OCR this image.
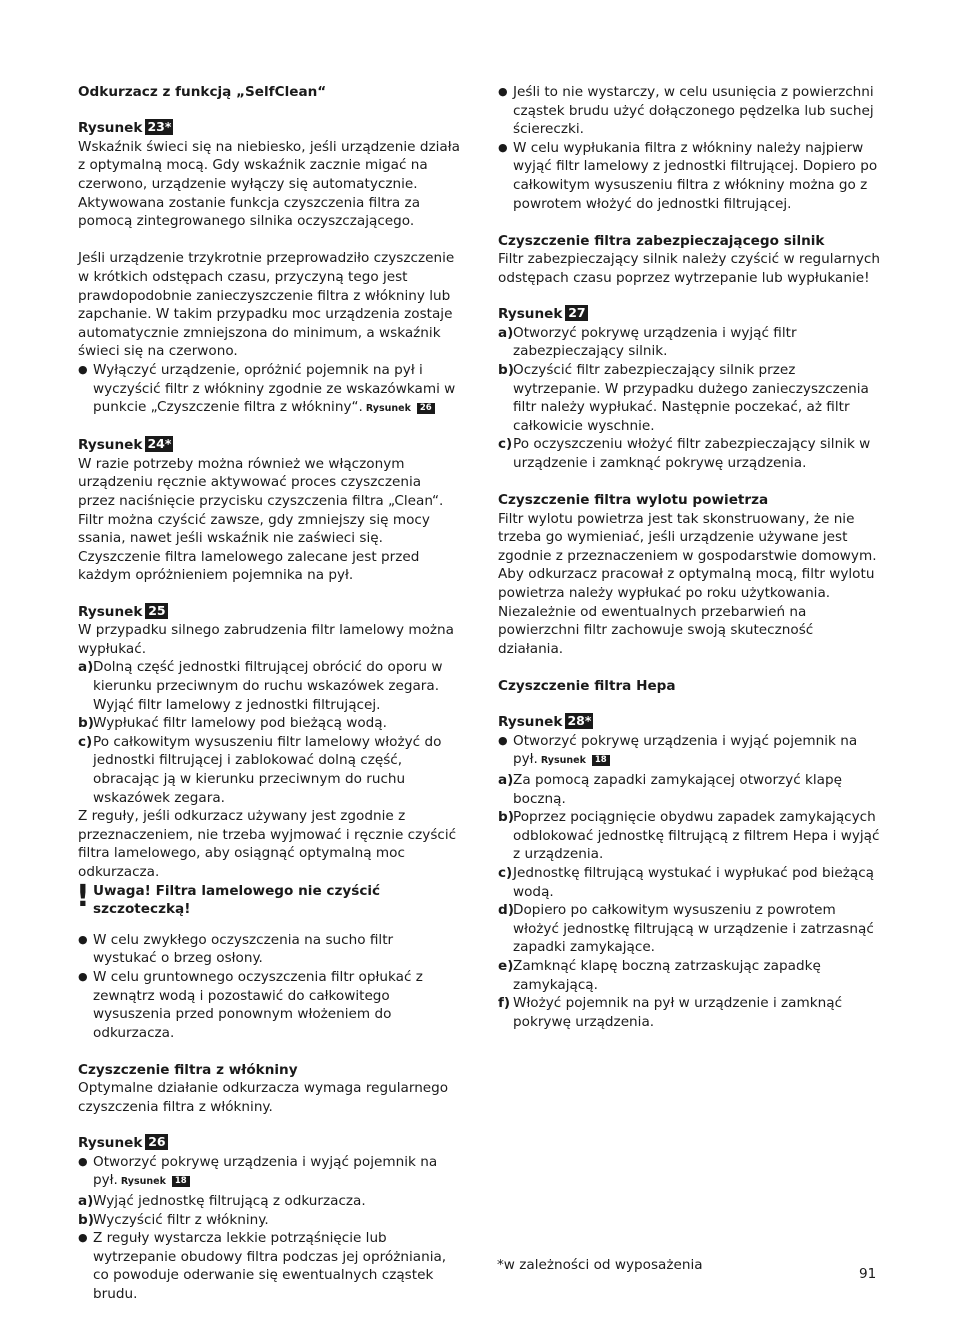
Odkurzacz z funkcją „SelfClean“

Rysunek 23*

Wskaźnik świeci się na niebiesko, jeśli urządzenie działa z optymalną mocą. Gdy wskaźnik zacznie migać na czerwono, urządzenie wyłączy się automatycznie. Aktywowana zostanie funkcja czyszczenia filtra za pomocą zintegrowanego silnika oczyszczającego.

Jeśli urządzenie trzykrotnie przeprowadziło czyszczenie w krótkich odstępach czasu, przyczyną tego jest prawdopodobnie zanieczyszczenie filtra z włókniny lub zapchanie. W takim przypadku moc urządzenia zostaje automatycznie zmniejszona do minimum, a wskaźnik świeci się na czerwono.

● Wyłączyć urządzenie, opróżnić pojemnik na pył i wyczyścić filtr z włókniny zgodnie ze wskazówkami w punkcie „Czyszczenie filtra z włókniny“. Rysunek 26

Rysunek 24*

W razie potrzeby można również we włączonym urządzeniu ręcznie aktywować proces czyszczenia przez naciśnięcie przycisku czyszczenia filtra „Clean“. Filtr można czyścić zawsze, gdy zmniejszy się mocy ssania, nawet jeśli wskaźnik nie zaświeci się. Czyszczenie filtra lamelowego zalecane jest przed każdym opróżnieniem pojemnika na pył.

Rysunek 25

W przypadku silnego zabrudzenia filtr lamelowy można wypłukać.

a) Dolną część jednostki filtrującej obrócić do oporu w kierunku przeciwnym do ruchu wskazówek zegara. Wyjąć filtr lamelowy z jednostki filtrującej.

b) Wypłukać filtr lamelowy pod bieżącą wodą.

c) Po całkowitym wysuszeniu filtr lamelowy włożyć do jednostki filtrującej i zablokować dolną część, obracając ją w kierunku przeciwnym do ruchu wskazówek zegara.

Z reguły, jeśli odkurzacz używany jest zgodnie z przeznaczeniem, nie trzeba wyjmować i ręcznie czyścić filtra lamelowego, aby osiągnąć optymalną moc odkurzacza.

! Uwaga! Filtra lamelowego nie czyścić szczoteczką!

● W celu zwykłego oczyszczenia na sucho filtr wystukać o brzeg osłony.

● W celu gruntownego oczyszczenia filtr opłukać z zewnątrz wodą i pozostawić do całkowitego wysuszenia przed ponownym włożeniem do odkurzacza.

Czyszczenie filtra z włókniny

Optymalne działanie odkurzacza wymaga regularnego czyszczenia filtra z włókniny.

Rysunek 26

● Otworzyć pokrywę urządzenia i wyjąć pojemnik na pył. Rysunek 18

a) Wyjąć jednostkę filtrującą z odkurzacza.

b) Wyczyścić filtr z włókniny.

● Z reguły wystarcza lekkie potrząśnięcie lub wytrzepanie obudowy filtra podczas jej opróżniania, co powoduje oderwanie się ewentualnych cząstek brudu.

● Jeśli to nie wystarczy, w celu usunięcia z powierzchni cząstek brudu użyć dołączonego pędzelka lub suchej ściereczki.

● W celu wypłukania filtra z włókniny należy najpierw wyjąć filtr lamelowy z jednostki filtrującej. Dopiero po całkowitym wysuszeniu filtra z włókniny można go z powrotem włożyć do jednostki filtrującej.

Czyszczenie filtra zabezpieczającego silnik

Filtr zabezpieczający silnik należy czyścić w regularnych odstępach czasu poprzez wytrzepanie lub wypłukanie!

Rysunek 27

a) Otworzyć pokrywę urządzenia i wyjąć filtr zabezpieczający silnik.

b) Oczyścić filtr zabezpieczający silnik przez wytrzepanie. W przypadku dużego zanieczyszczenia filtr należy wypłukać. Następnie poczekać, aż filtr całkowicie wyschnie.

c) Po oczyszczeniu włożyć filtr zabezpieczający silnik w urządzenie i zamknąć pokrywę urządzenia.

Czyszczenie filtra wylotu powietrza

Filtr wylotu powietrza jest tak skonstruowany, że nie trzeba go wymieniać, jeśli urządzenie używane jest zgodnie z przeznaczeniem w gospodarstwie domowym. Aby odkurzacz pracował z optymalną mocą, filtr wylotu powietrza należy wypłukać po roku użytkowania. Niezależnie od ewentualnych przebarwień na powierzchni filtr zachowuje swoją skuteczność działania.

Czyszczenie filtra Hepa

Rysunek 28*

● Otworzyć pokrywę urządzenia i wyjąć pojemnik na pył. Rysunek 18

a) Za pomocą zapadki zamykającej otworzyć klapę boczną.

b) Poprzez pociągnięcie obydwu zapadek zamykających odblokować jednostkę filtrującą z filtrem Hepa i wyjąć z urządzenia.

c) Jednostkę filtrującą wystukać i wypłukać pod bieżącą wodą.

d) Dopiero po całkowitym wysuszeniu z powrotem włożyć jednostkę filtrującą w urządzenie i zatrzasnąć zapadki zamykające.

e) Zamknąć klapę boczną zatrzaskując zapadkę zamykającą.

f) Włożyć pojemnik na pył w urządzenie i zamknąć pokrywę urządzenia.

*w zależności od wyposażenia
91
